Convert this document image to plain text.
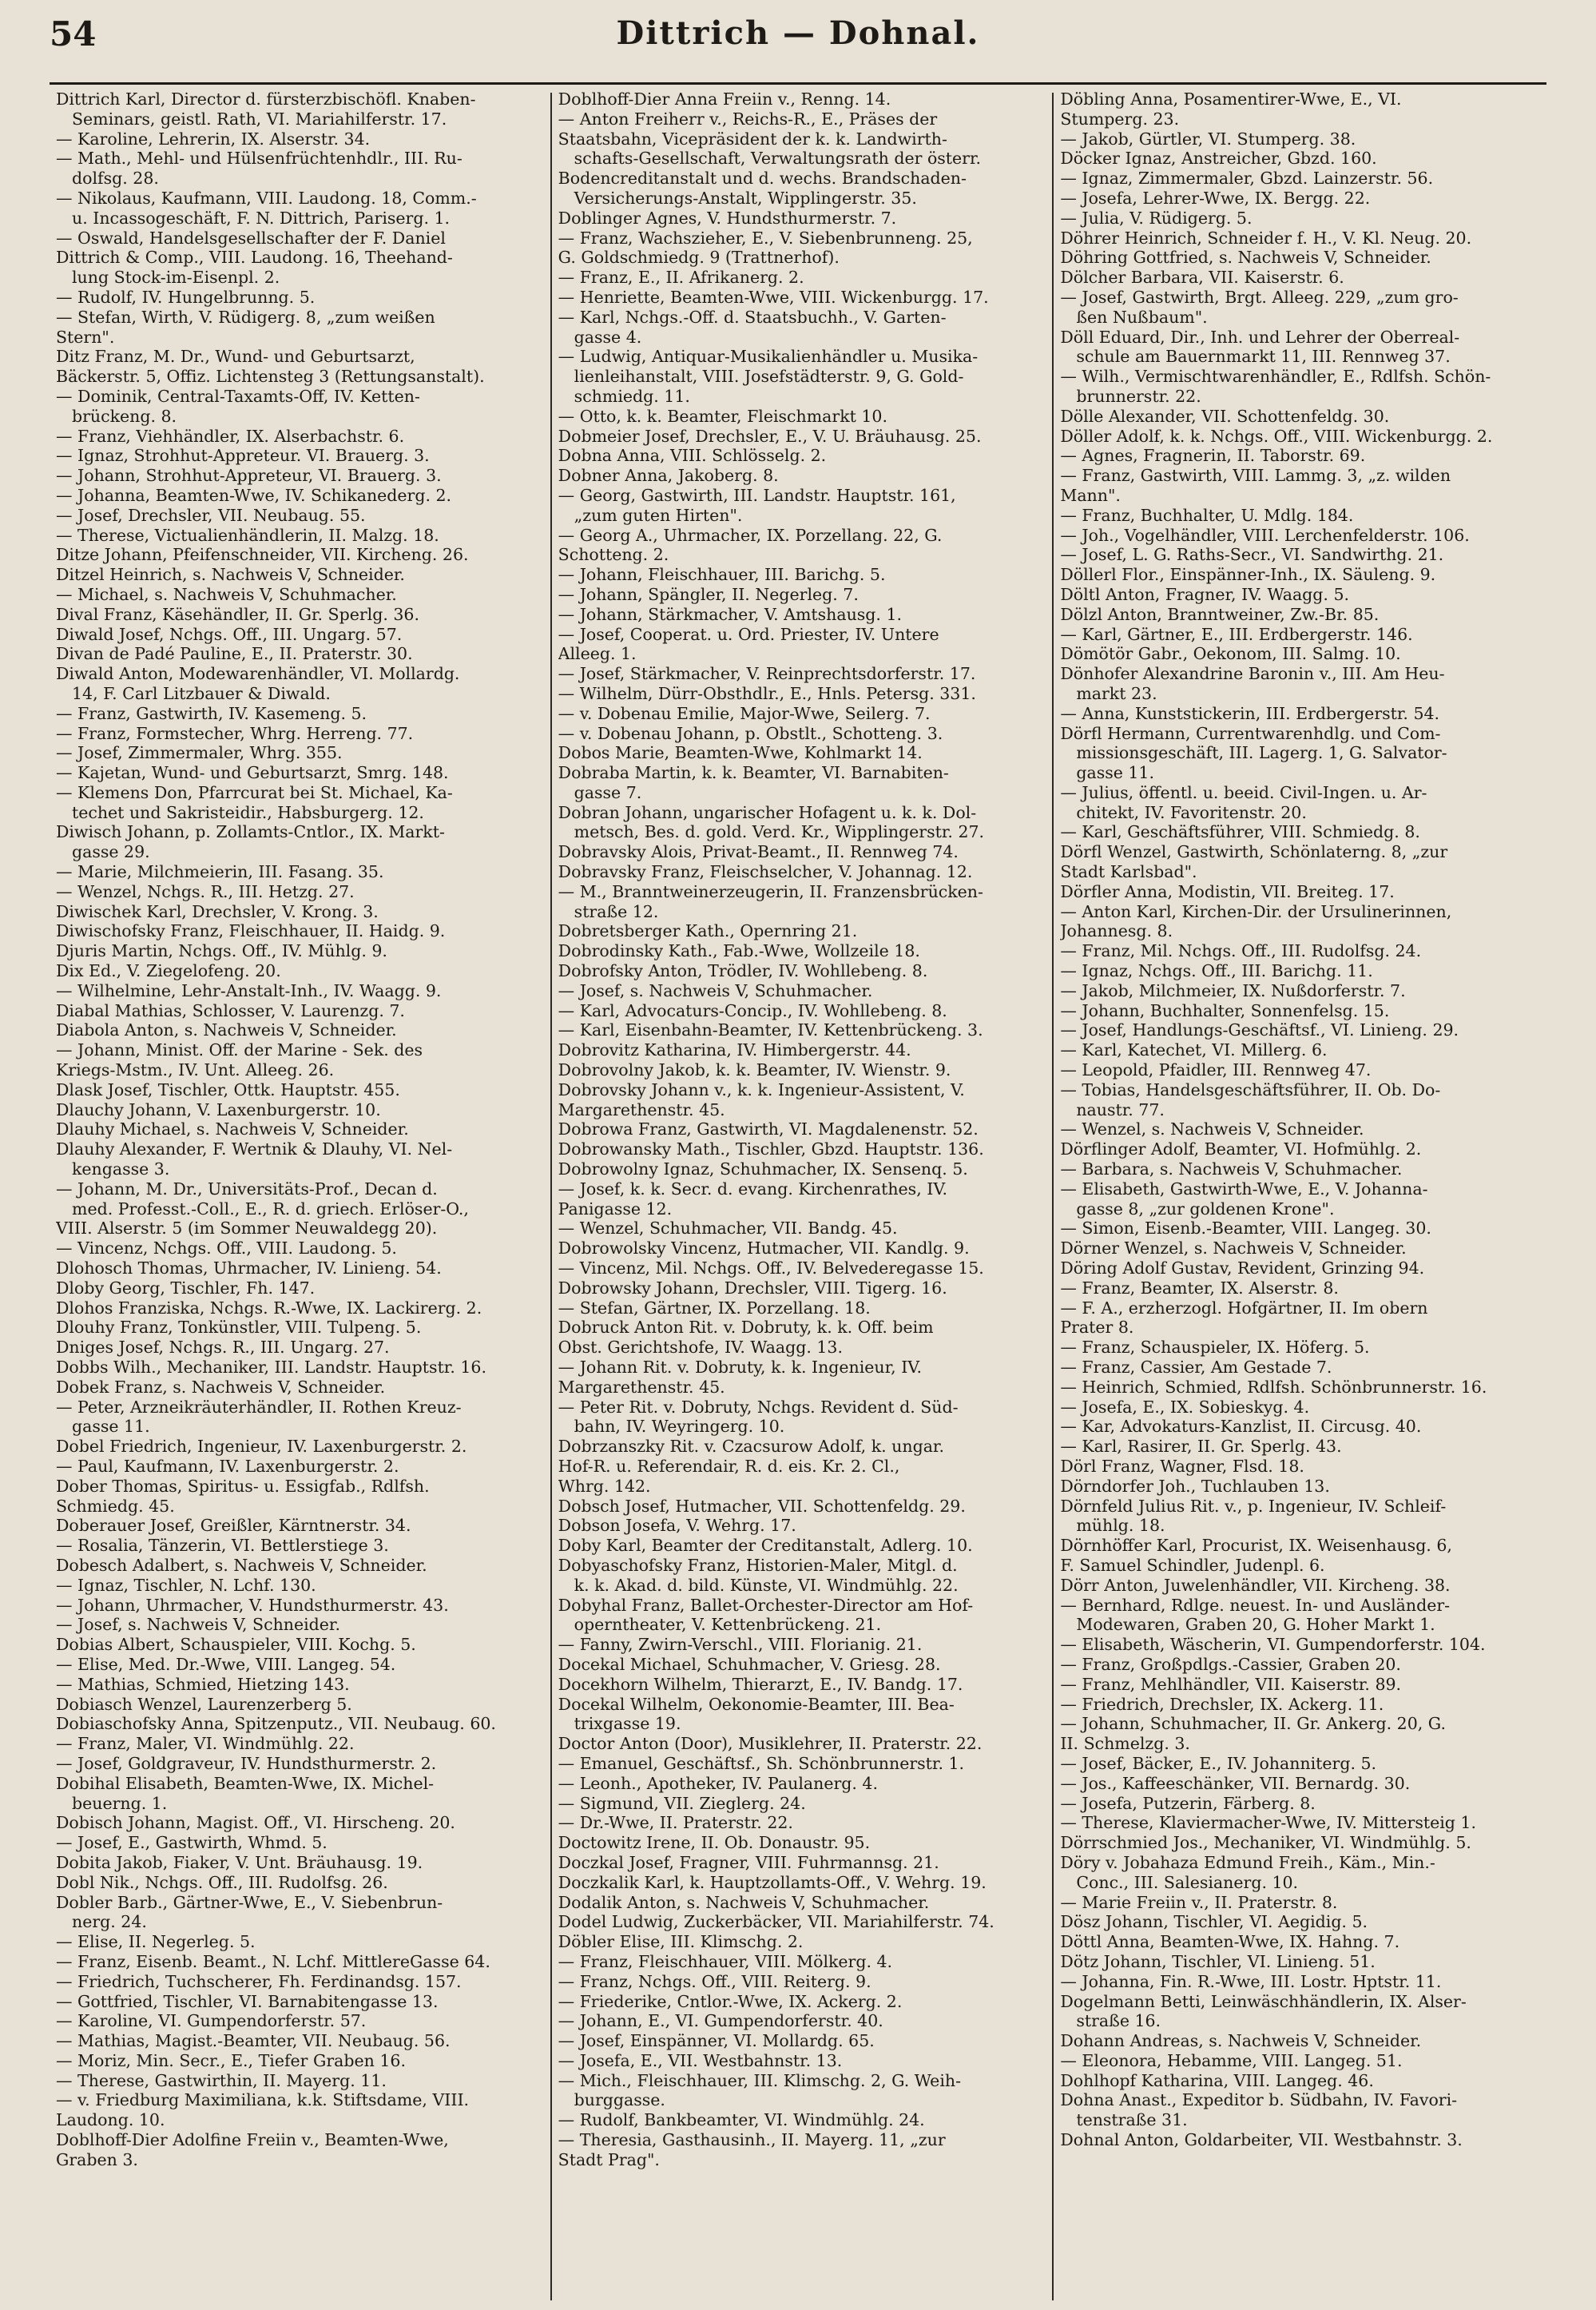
54	Dittrich — Dohnal.
Dittrich Karl, Director d. fürsterzbischöfl. Knaben-
Seminars, geistl. Rath, VI. Mariahilferstr. 17.
— Karoline, Lehrerin, IX. Alserstr. 34.
— Math., Mehl- und Hülsenfrüchtenhdlr., III. Ru-
dolfsg. 28.
— Nikolaus, Kaufmann, VIII. Laudong. 18, Comm.-
u. Incassogeschäft, F. N. Dittrich, Pariserg. 1.
— Oswald, Handelsgesellschafter der F. Daniel
Dittrich & Comp., VIII. Laudong. 16, Theehand-
lung Stock-im-Eisenpl. 2.
— Rudolf, IV. Hungelbrunng. 5.
— Stefan, Wirth, V. Rüdigerg. 8, „zum weißen
Stern".
Ditz Franz, M. Dr., Wund- und Geburtsarzt,
Bäckerstr. 5, Offiz. Lichtensteg 3 (Rettungsanstalt).
— Dominik, Central-Taxamts-Off, IV. Ketten-
brückeng. 8.
— Franz, Viehhändler, IX. Alserbachstr. 6.
— Ignaz, Strohhut-Appreteur. VI. Brauerg. 3.
— Johann, Strohhut-Appreteur, VI. Brauerg. 3.
— Johanna, Beamten-Wwe, IV. Schikanederg. 2.
— Josef, Drechsler, VII. Neubaug. 55.
— Therese, Victualienhändlerin, II. Malzg. 18.
Ditze Johann, Pfeifenschneider, VII. Kircheng. 26.
Ditzel Heinrich, s. Nachweis V, Schneider.
— Michael, s. Nachweis V, Schuhmacher.
Dival Franz, Käsehändler, II. Gr. Sperlg. 36.
Diwald Josef, Nchgs. Off., III. Ungarg. 57.
Divan de Padé Pauline, E., II. Praterstr. 30.
Diwald Anton, Modewarenhändler, VI. Mollardg.
14, F. Carl Litzbauer & Diwald.
— Franz, Gastwirth, IV. Kasemeng. 5.
— Franz, Formstecher, Whrg. Herreng. 77.
— Josef, Zimmermaler, Whrg. 355.
— Kajetan, Wund- und Geburtsarzt, Smrg. 148.
— Klemens Don, Pfarrcurat bei St. Michael, Ka-
techet und Sakristeidir., Habsburgerg. 12.
Diwisch Johann, p. Zollamts-Cntlor., IX. Markt-
gasse 29.
— Marie, Milchmeierin, III. Fasang. 35.
— Wenzel, Nchgs. R., III. Hetzg. 27.
Diwischek Karl, Drechsler, V. Krong. 3.
Diwischofsky Franz, Fleischhauer, II. Haidg. 9.
Djuris Martin, Nchgs. Off., IV. Mühlg. 9.
Dix Ed., V. Ziegelofeng. 20.
— Wilhelmine, Lehr-Anstalt-Inh., IV. Waagg. 9.
Diabal Mathias, Schlosser, V. Laurenzg. 7.
Diabola Anton, s. Nachweis V, Schneider.
— Johann, Minist. Off. der Marine - Sek. des
Kriegs-Mstm., IV. Unt. Alleeg. 26.
Dlask Josef, Tischler, Ottk. Hauptstr. 455.
Dlauchy Johann, V. Laxenburgerstr. 10.
Dlauhy Michael, s. Nachweis V, Schneider.
Dlauhy Alexander, F. Wertnik & Dlauhy, VI. Nel-
kengasse 3.
— Johann, M. Dr., Universitäts-Prof., Decan d.
med. Professt.-Coll., E., R. d. griech. Erlöser-O.,
VIII. Alserstr. 5 (im Sommer Neuwaldegg 20).
— Vincenz, Nchgs. Off., VIII. Laudong. 5.
Dlohosch Thomas, Uhrmacher, IV. Linieng. 54.
Dloby Georg, Tischler, Fh. 147.
Dlohos Franziska, Nchgs. R.-Wwe, IX. Lackirerg. 2.
Dlouhy Franz, Tonkünstler, VIII. Tulpeng. 5.
Dniges Josef, Nchgs. R., III. Ungarg. 27.
Dobbs Wilh., Mechaniker, III. Landstr. Hauptstr. 16.
Dobek Franz, s. Nachweis V, Schneider.
— Peter, Arzneikräuterhändler, II. Rothen Kreuz-
gasse 11.
Dobel Friedrich, Ingenieur, IV. Laxenburgerstr. 2.
— Paul, Kaufmann, IV. Laxenburgerstr. 2.
Dober Thomas, Spiritus- u. Essigfab., Rdlfsh.
Schmiedg. 45.
Doberauer Josef, Greißler, Kärntnerstr. 34.
— Rosalia, Tänzerin, VI. Bettlerstiege 3.
Dobesch Adalbert, s. Nachweis V, Schneider.
— Ignaz, Tischler, N. Lchf. 130.
— Johann, Uhrmacher, V. Hundsthurmerstr. 43.
— Josef, s. Nachweis V, Schneider.
Dobias Albert, Schauspieler, VIII. Kochg. 5.
— Elise, Med. Dr.-Wwe, VIII. Langeg. 54.
— Mathias, Schmied, Hietzing 143.
Dobiasch Wenzel, Laurenzerberg 5.
Dobiaschofsky Anna, Spitzenputz., VII. Neubaug. 60.
— Franz, Maler, VI. Windmühlg. 22.
— Josef, Goldgraveur, IV. Hundsthurmerstr. 2.
Dobihal Elisabeth, Beamten-Wwe, IX. Michel-
beuerng. 1.
Dobisch Johann, Magist. Off., VI. Hirscheng. 20.
— Josef, E., Gastwirth, Whmd. 5.
Dobita Jakob, Fiaker, V. Unt. Bräuhausg. 19.
Dobl Nik., Nchgs. Off., III. Rudolfsg. 26.
Dobler Barb., Gärtner-Wwe, E., V. Siebenbrun-
nerg. 24.
— Elise, II. Negerleg. 5.
— Franz, Eisenb. Beamt., N. Lchf. MittlereGasse 64.
— Friedrich, Tuchscherer, Fh. Ferdinandsg. 157.
— Gottfried, Tischler, VI. Barnabitengasse 13.
— Karoline, VI. Gumpendorferstr. 57.
— Mathias, Magist.-Beamter, VII. Neubaug. 56.
— Moriz, Min. Secr., E., Tiefer Graben 16.
— Therese, Gastwirthin, II. Mayerg. 11.
— v. Friedburg Maximiliana, k.k. Stiftsdame, VIII.
Laudong. 10.
Doblhoff-Dier Adolfine Freiin v., Beamten-Wwe,
Graben 3.
Doblhoff-Dier Anna Freiin v., Renng. 14.
— Anton Freiherr v., Reichs-R., E., Präses der
Staatsbahn, Vicepräsident der k. k. Landwirth-
schafts-Gesellschaft, Verwaltungsrath der österr.
Bodencreditanstalt und d. wechs. Brandschaden-
Versicherungs-Anstalt, Wipplingerstr. 35.
Doblinger Agnes, V. Hundsthurmerstr. 7.
— Franz, Wachszieher, E., V. Siebenbrunneng. 25,
G. Goldschmiedg. 9 (Trattnerhof).
— Franz, E., II. Afrikanerg. 2.
— Henriette, Beamten-Wwe, VIII. Wickenburgg. 17.
— Karl, Nchgs.-Off. d. Staatsbuchh., V. Garten-
gasse 4.
— Ludwig, Antiquar-Musikalienhändler u. Musika-
lienleihanstalt, VIII. Josefstädterstr. 9, G. Gold-
schmiedg. 11.
— Otto, k. k. Beamter, Fleischmarkt 10.
Dobmeier Josef, Drechsler, E., V. U. Bräuhausg. 25.
Dobna Anna, VIII. Schlösselg. 2.
Dobner Anna, Jakoberg. 8.
— Georg, Gastwirth, III. Landstr. Hauptstr. 161,
„zum guten Hirten".
— Georg A., Uhrmacher, IX. Porzellang. 22, G.
Schotteng. 2.
— Johann, Fleischhauer, III. Barichg. 5.
— Johann, Spängler, II. Negerleg. 7.
— Johann, Stärkmacher, V. Amtshausg. 1.
— Josef, Cooperat. u. Ord. Priester, IV. Untere
Alleeg. 1.
— Josef, Stärkmacher, V. Reinprechtsdorferstr. 17.
— Wilhelm, Dürr-Obsthdlr., E., Hnls. Petersg. 331.
— v. Dobenau Emilie, Major-Wwe, Seilerg. 7.
— v. Dobenau Johann, p. Obstlt., Schotteng. 3.
Dobos Marie, Beamten-Wwe, Kohlmarkt 14.
Dobraba Martin, k. k. Beamter, VI. Barnabiten-
gasse 7.
Dobran Johann, ungarischer Hofagent u. k. k. Dol-
metsch, Bes. d. gold. Verd. Kr., Wipplingerstr. 27.
Dobravsky Alois, Privat-Beamt., II. Rennweg 74.
Dobravsky Franz, Fleischselcher, V. Johannag. 12.
— M., Branntweinerzeugerin, II. Franzensbrücken-
straße 12.
Dobretsberger Kath., Opernring 21.
Dobrodinsky Kath., Fab.-Wwe, Wollzeile 18.
Dobrofsky Anton, Trödler, IV. Wohllebeng. 8.
— Josef, s. Nachweis V, Schuhmacher.
— Karl, Advocaturs-Concip., IV. Wohllebeng. 8.
— Karl, Eisenbahn-Beamter, IV. Kettenbrückeng. 3.
Dobrovitz Katharina, IV. Himbergerstr. 44.
Dobrovolny Jakob, k. k. Beamter, IV. Wienstr. 9.
Dobrovsky Johann v., k. k. Ingenieur-Assistent, V.
Margarethenstr. 45.
Dobrowa Franz, Gastwirth, VI. Magdalenenstr. 52.
Dobrowansky Math., Tischler, Gbzd. Hauptstr. 136.
Dobrowolny Ignaz, Schuhmacher, IX. Sensenq. 5.
— Josef, k. k. Secr. d. evang. Kirchenrathes, IV.
Panigasse 12.
— Wenzel, Schuhmacher, VII. Bandg. 45.
Dobrowolsky Vincenz, Hutmacher, VII. Kandlg. 9.
— Vincenz, Mil. Nchgs. Off., IV. Belvederegasse 15.
Dobrowsky Johann, Drechsler, VIII. Tigerg. 16.
— Stefan, Gärtner, IX. Porzellang. 18.
Dobruck Anton Rit. v. Dobruty, k. k. Off. beim
Obst. Gerichtshofe, IV. Waagg. 13.
— Johann Rit. v. Dobruty, k. k. Ingenieur, IV.
Margarethenstr. 45.
— Peter Rit. v. Dobruty, Nchgs. Revident d. Süd-
bahn, IV. Weyringerg. 10.
Dobrzanszky Rit. v. Czacsurow Adolf, k. ungar.
Hof-R. u. Referendair, R. d. eis. Kr. 2. Cl.,
Whrg. 142.
Dobsch Josef, Hutmacher, VII. Schottenfeldg. 29.
Dobson Josefa, V. Wehrg. 17.
Doby Karl, Beamter der Creditanstalt, Adlerg. 10.
Dobyaschofsky Franz, Historien-Maler, Mitgl. d.
k. k. Akad. d. bild. Künste, VI. Windmühlg. 22.
Dobyhal Franz, Ballet-Orchester-Director am Hof-
operntheater, V. Kettenbrückeng. 21.
— Fanny, Zwirn-Verschl., VIII. Florianig. 21.
Docekal Michael, Schuhmacher, V. Griesg. 28.
Docekhorn Wilhelm, Thierarzt, E., IV. Bandg. 17.
Docekal Wilhelm, Oekonomie-Beamter, III. Bea-
trixgasse 19.
Doctor Anton (Door), Musiklehrer, II. Praterstr. 22.
— Emanuel, Geschäftsf., Sh. Schönbrunnerstr. 1.
— Leonh., Apotheker, IV. Paulanerg. 4.
— Sigmund, VII. Zieglerg. 24.
— Dr.-Wwe, II. Praterstr. 22.
Doctowitz Irene, II. Ob. Donaustr. 95.
Doczkal Josef, Fragner, VIII. Fuhrmannsg. 21.
Doczkalik Karl, k. Hauptzollamts-Off., V. Wehrg. 19.
Dodalik Anton, s. Nachweis V, Schuhmacher.
Dodel Ludwig, Zuckerbäcker, VII. Mariahilferstr. 74.
Döbler Elise, III. Klimschg. 2.
— Franz, Fleischhauer, VIII. Mölkerg. 4.
— Franz, Nchgs. Off., VIII. Reiterg. 9.
— Friederike, Cntlor.-Wwe, IX. Ackerg. 2.
— Johann, E., VI. Gumpendorferstr. 40.
— Josef, Einspänner, VI. Mollardg. 65.
— Josefa, E., VII. Westbahnstr. 13.
— Mich., Fleischhauer, III. Klimschg. 2, G. Weih-
burggasse.
— Rudolf, Bankbeamter, VI. Windmühlg. 24.
— Theresia, Gasthausinh., II. Mayerg. 11, „zur
Stadt Prag".
Döbling Anna, Posamentirer-Wwe, E., VI.
Stumperg. 23.
— Jakob, Gürtler, VI. Stumperg. 38.
Döcker Ignaz, Anstreicher, Gbzd. 160.
— Ignaz, Zimmermaler, Gbzd. Lainzerstr. 56.
— Josefa, Lehrer-Wwe, IX. Bergg. 22.
— Julia, V. Rüdigerg. 5.
Döhrer Heinrich, Schneider f. H., V. Kl. Neug. 20.
Döhring Gottfried, s. Nachweis V, Schneider.
Dölcher Barbara, VII. Kaiserstr. 6.
— Josef, Gastwirth, Brgt. Alleeg. 229, „zum gro-
ßen Nußbaum".
Döll Eduard, Dir., Inh. und Lehrer der Oberreal-
schule am Bauernmarkt 11, III. Rennweg 37.
— Wilh., Vermischtwarenhändler, E., Rdlfsh. Schön-
brunnerstr. 22.
Dölle Alexander, VII. Schottenfeldg. 30.
Döller Adolf, k. k. Nchgs. Off., VIII. Wickenburgg. 2.
— Agnes, Fragnerin, II. Taborstr. 69.
— Franz, Gastwirth, VIII. Lammg. 3, „z. wilden
Mann".
— Franz, Buchhalter, U. Mdlg. 184.
— Joh., Vogelhändler, VIII. Lerchenfelderstr. 106.
— Josef, L. G. Raths-Secr., VI. Sandwirthg. 21.
Döllerl Flor., Einspänner-Inh., IX. Säuleng. 9.
Döltl Anton, Fragner, IV. Waagg. 5.
Dölzl Anton, Branntweiner, Zw.-Br. 85.
— Karl, Gärtner, E., III. Erdbergerstr. 146.
Dömötör Gabr., Oekonom, III. Salmg. 10.
Dönhofer Alexandrine Baronin v., III. Am Heu-
markt 23.
— Anna, Kunststickerin, III. Erdbergerstr. 54.
Dörfl Hermann, Currentwarenhdlg. und Com-
missionsgeschäft, III. Lagerg. 1, G. Salvator-
gasse 11.
— Julius, öffentl. u. beeid. Civil-Ingen. u. Ar-
chitekt, IV. Favoritenstr. 20.
— Karl, Geschäftsführer, VIII. Schmiedg. 8.
Dörfl Wenzel, Gastwirth, Schönlaterng. 8, „zur
Stadt Karlsbad".
Dörfler Anna, Modistin, VII. Breiteg. 17.
— Anton Karl, Kirchen-Dir. der Ursulinerinnen,
Johannesg. 8.
— Franz, Mil. Nchgs. Off., III. Rudolfsg. 24.
— Ignaz, Nchgs. Off., III. Barichg. 11.
— Jakob, Milchmeier, IX. Nußdorferstr. 7.
— Johann, Buchhalter, Sonnenfelsg. 15.
— Josef, Handlungs-Geschäftsf., VI. Linieng. 29.
— Karl, Katechet, VI. Millerg. 6.
— Leopold, Pfaidler, III. Rennweg 47.
— Tobias, Handelsgeschäftsführer, II. Ob. Do-
naustr. 77.
— Wenzel, s. Nachweis V, Schneider.
Dörflinger Adolf, Beamter, VI. Hofmühlg. 2.
— Barbara, s. Nachweis V, Schuhmacher.
— Elisabeth, Gastwirth-Wwe, E., V. Johanna-
gasse 8, „zur goldenen Krone".
— Simon, Eisenb.-Beamter, VIII. Langeg. 30.
Dörner Wenzel, s. Nachweis V, Schneider.
Döring Adolf Gustav, Revident, Grinzing 94.
— Franz, Beamter, IX. Alserstr. 8.
— F. A., erzherzogl. Hofgärtner, II. Im obern
Prater 8.
— Franz, Schauspieler, IX. Höferg. 5.
— Franz, Cassier, Am Gestade 7.
— Heinrich, Schmied, Rdlfsh. Schönbrunnerstr. 16.
— Josefa, E., IX. Sobieskyg. 4.
— Kar, Advokaturs-Kanzlist, II. Circusg. 40.
— Karl, Rasirer, II. Gr. Sperlg. 43.
Dörl Franz, Wagner, Flsd. 18.
Dörndorfer Joh., Tuchlauben 13.
Dörnfeld Julius Rit. v., p. Ingenieur, IV. Schleif-
mühlg. 18.
Dörnhöffer Karl, Procurist, IX. Weisenhausg. 6,
F. Samuel Schindler, Judenpl. 6.
Dörr Anton, Juwelenhändler, VII. Kircheng. 38.
— Bernhard, Rdlge. neuest. In- und Ausländer-
Modewaren, Graben 20, G. Hoher Markt 1.
— Elisabeth, Wäscherin, VI. Gumpendorferstr. 104.
— Franz, Großpdlgs.-Cassier, Graben 20.
— Franz, Mehlhändler, VII. Kaiserstr. 89.
— Friedrich, Drechsler, IX. Ackerg. 11.
— Johann, Schuhmacher, II. Gr. Ankerg. 20, G.
II. Schmelzg. 3.
— Josef, Bäcker, E., IV. Johanniterg. 5.
— Jos., Kaffeeschänker, VII. Bernardg. 30.
— Josefa, Putzerin, Färberg. 8.
— Therese, Klaviermacher-Wwe, IV. Mittersteig 1.
Dörrschmied Jos., Mechaniker, VI. Windmühlg. 5.
Döry v. Jobahaza Edmund Freih., Käm., Min.-
Conc., III. Salesianerg. 10.
— Marie Freiin v., II. Praterstr. 8.
Dösz Johann, Tischler, VI. Aegidig. 5.
Döttl Anna, Beamten-Wwe, IX. Hahng. 7.
Dötz Johann, Tischler, VI. Linieng. 51.
— Johanna, Fin. R.-Wwe, III. Lostr. Hptstr. 11.
Dogelmann Betti, Leinwäschhändlerin, IX. Alser-
straße 16.
Dohann Andreas, s. Nachweis V, Schneider.
— Eleonora, Hebamme, VIII. Langeg. 51.
Dohlhopf Katharina, VIII. Langeg. 46.
Dohna Anast., Expeditor b. Südbahn, IV. Favori-
tenstraße 31.
Dohnal Anton, Goldarbeiter, VII. Westbahnstr. 3.
